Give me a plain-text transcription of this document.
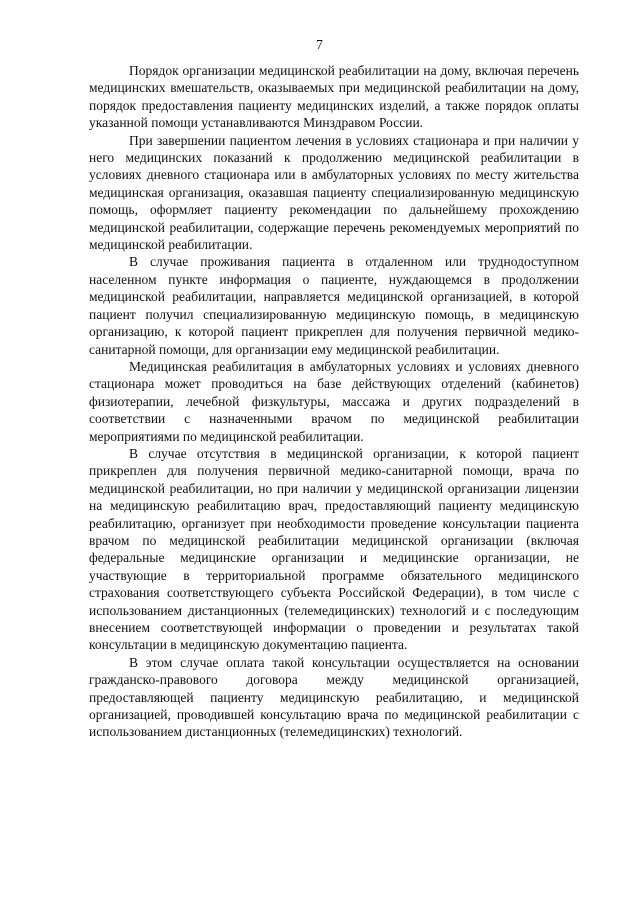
7

Порядок организации медицинской реабилитации на дому, включая перечень медицинских вмешательств, оказываемых при медицинской реабилитации на дому, порядок предоставления пациенту медицинских изделий, а также порядок оплаты указанной помощи устанавливаются Минздравом России.

При завершении пациентом лечения в условиях стационара и при наличии у него медицинских показаний к продолжению медицинской реабилитации в условиях дневного стационара или в амбулаторных условиях по месту жительства медицинская организация, оказавшая пациенту специализированную медицинскую помощь, оформляет пациенту рекомендации по дальнейшему прохождению медицинской реабилитации, содержащие перечень рекомендуемых мероприятий по медицинской реабилитации.

В случае проживания пациента в отдаленном или труднодоступном населенном пункте информация о пациенте, нуждающемся в продолжении медицинской реабилитации, направляется медицинской организацией, в которой пациент получил специализированную медицинскую помощь, в медицинскую организацию, к которой пациент прикреплен для получения первичной медико-санитарной помощи, для организации ему медицинской реабилитации.

Медицинская реабилитация в амбулаторных условиях и условиях дневного стационара может проводиться на базе действующих отделений (кабинетов) физиотерапии, лечебной физкультуры, массажа и других подразделений в соответствии с назначенными врачом по медицинской реабилитации мероприятиями по медицинской реабилитации.

В случае отсутствия в медицинской организации, к которой пациент прикреплен для получения первичной медико-санитарной помощи, врача по медицинской реабилитации, но при наличии у медицинской организации лицензии на медицинскую реабилитацию врач, предоставляющий пациенту медицинскую реабилитацию, организует при необходимости проведение консультации пациента врачом по медицинской реабилитации медицинской организации (включая федеральные медицинские организации и медицинские организации, не участвующие в территориальной программе обязательного медицинского страхования соответствующего субъекта Российской Федерации), в том числе с использованием дистанционных (телемедицинских) технологий и с последующим внесением соответствующей информации о проведении и результатах такой консультации в медицинскую документацию пациента.

В этом случае оплата такой консультации осуществляется на основании гражданско-правового договора между медицинской организацией, предоставляющей пациенту медицинскую реабилитацию, и медицинской организацией, проводившей консультацию врача по медицинской реабилитации с использованием дистанционных (телемедицинских) технологий.
